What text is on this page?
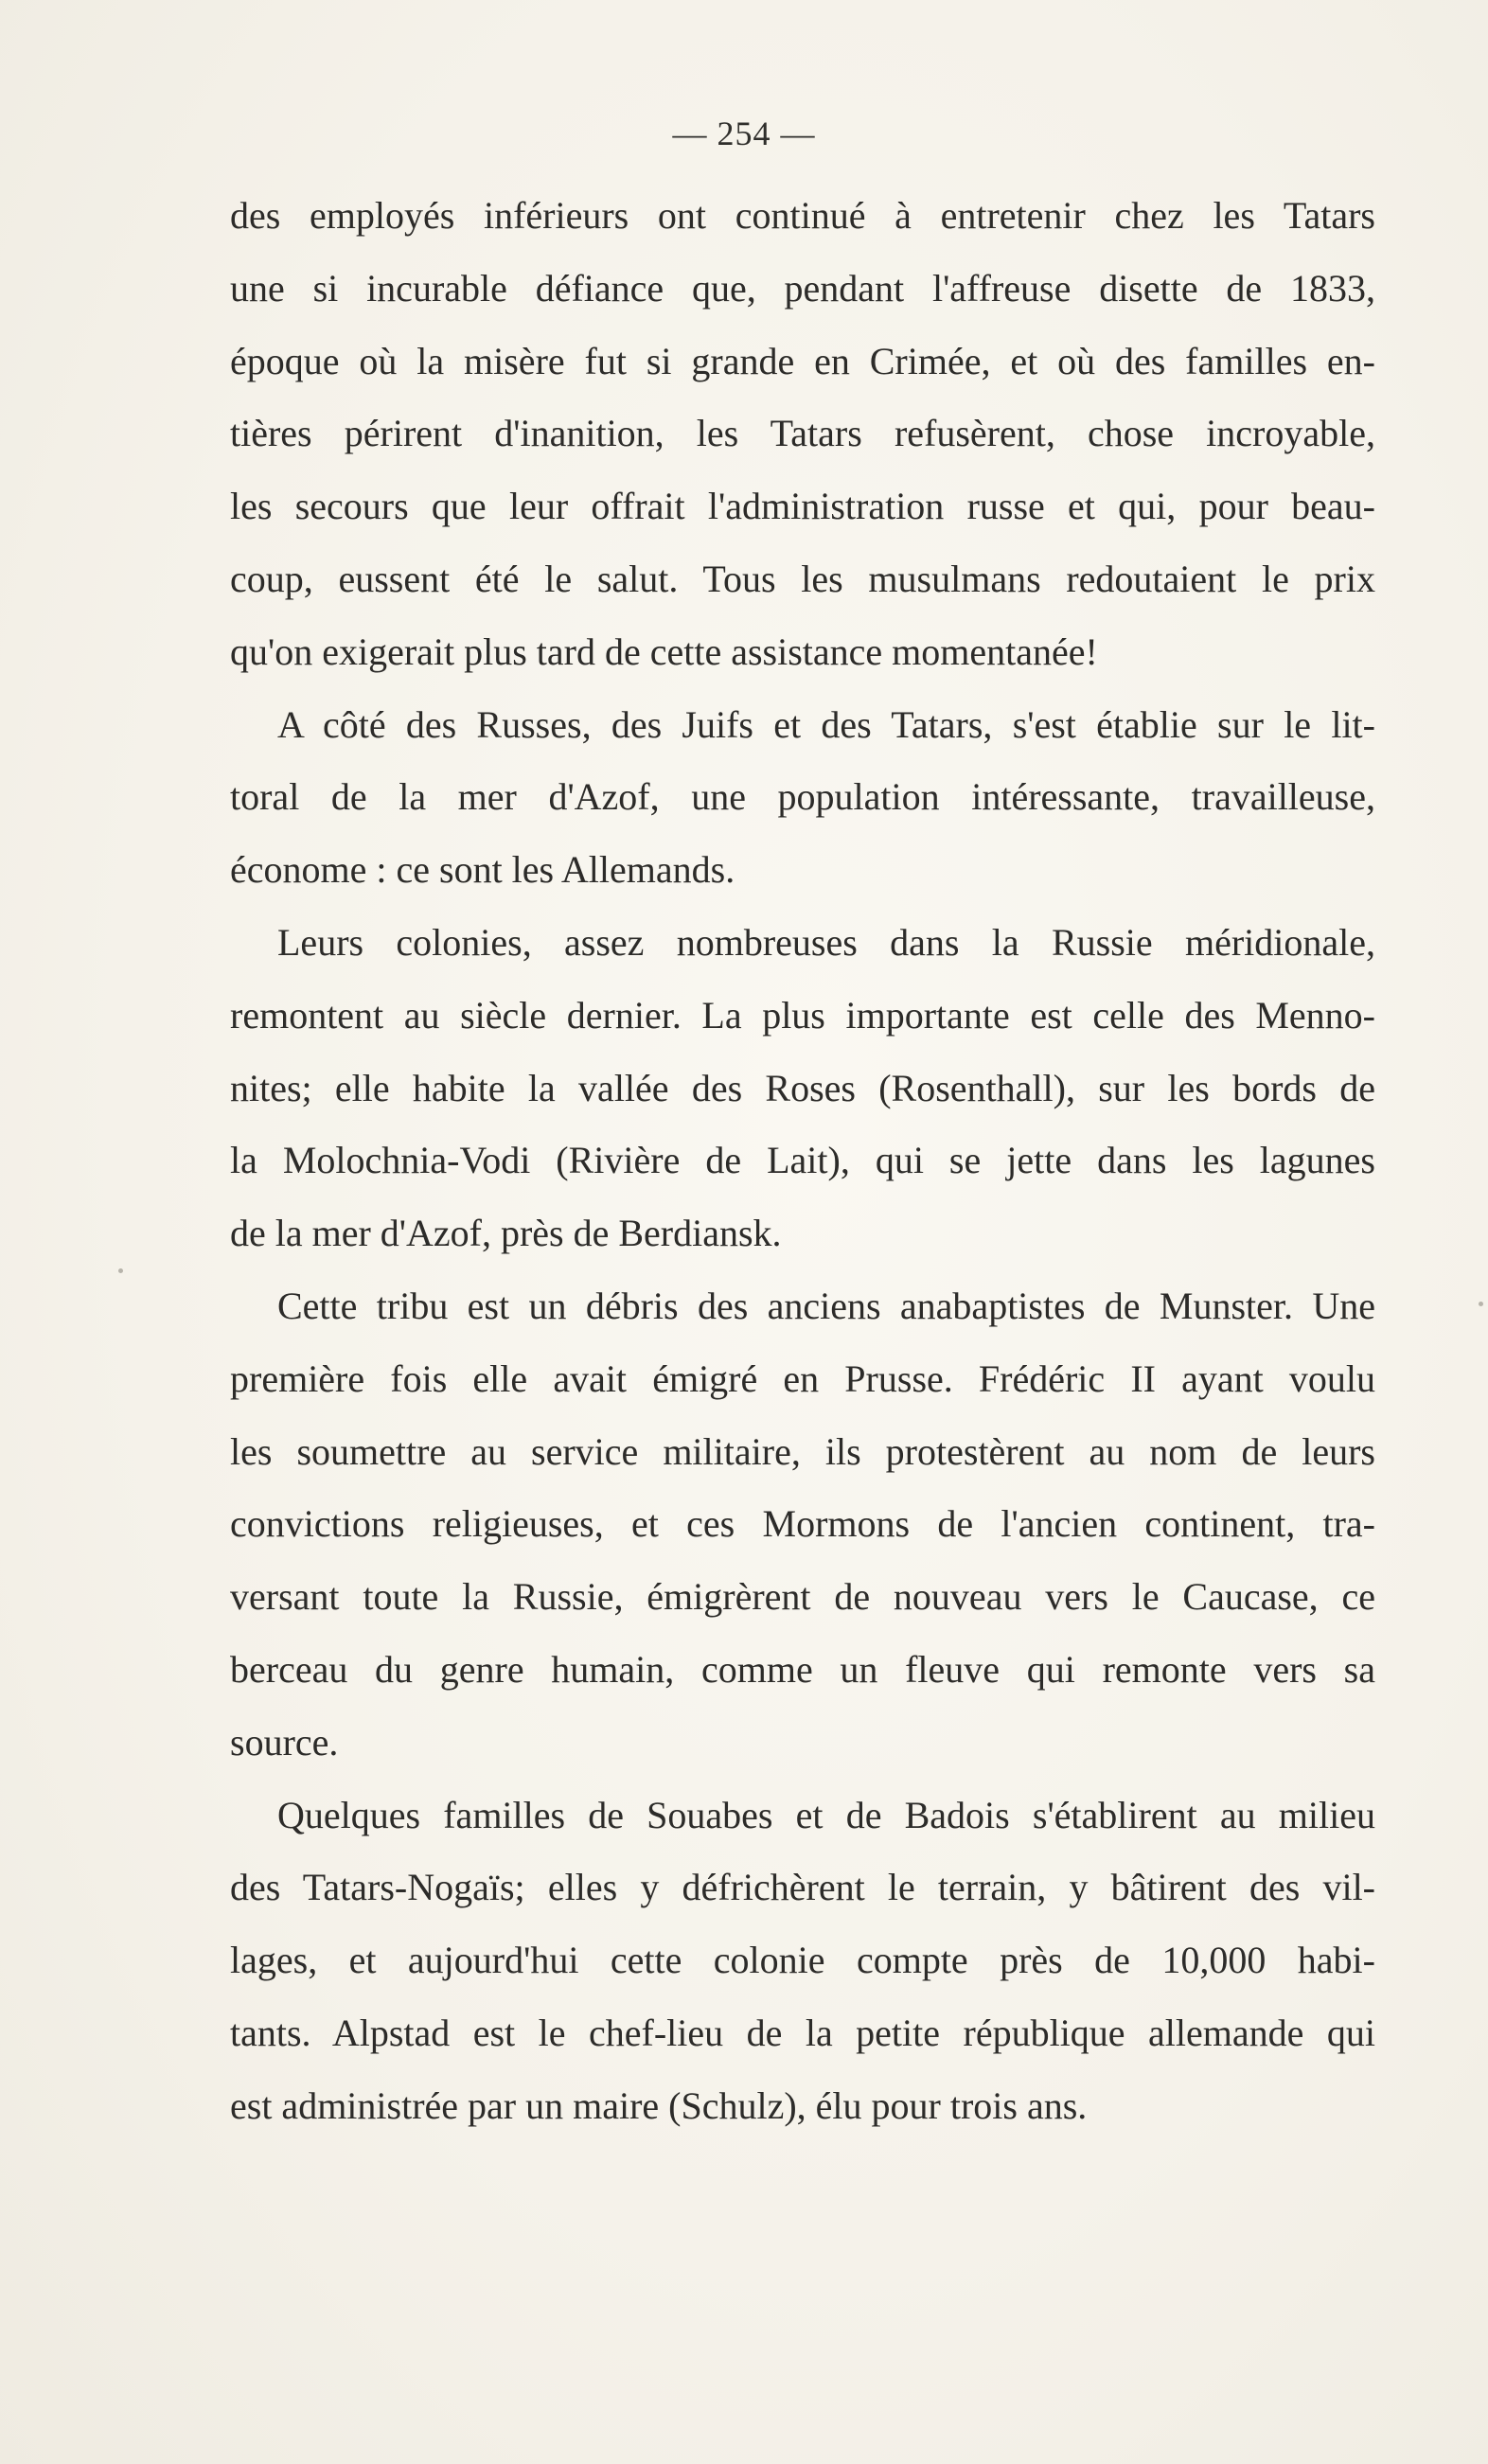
— 254 —

des employés inférieurs ont continué à entretenir chez les Tatars
une si incurable défiance que, pendant l'affreuse disette de 1833,
époque où la misère fut si grande en Crimée, et où des familles en-
tières périrent d'inanition, les Tatars refusèrent, chose incroyable,
les secours que leur offrait l'administration russe et qui, pour beau-
coup, eussent été le salut. Tous les musulmans redoutaient le prix
qu'on exigerait plus tard de cette assistance momentanée!

A côté des Russes, des Juifs et des Tatars, s'est établie sur le lit-
toral de la mer d'Azof, une population intéressante, travailleuse,
économe : ce sont les Allemands.

Leurs colonies, assez nombreuses dans la Russie méridionale,
remontent au siècle dernier. La plus importante est celle des Menno-
nites; elle habite la vallée des Roses (Rosenthall), sur les bords de
la Molochnia-Vodi (Rivière de Lait), qui se jette dans les lagunes
de la mer d'Azof, près de Berdiansk.

Cette tribu est un débris des anciens anabaptistes de Munster. Une
première fois elle avait émigré en Prusse. Frédéric II ayant voulu
les soumettre au service militaire, ils protestèrent au nom de leurs
convictions religieuses, et ces Mormons de l'ancien continent, tra-
versant toute la Russie, émigrèrent de nouveau vers le Caucase, ce
berceau du genre humain, comme un fleuve qui remonte vers sa
source.

Quelques familles de Souabes et de Badois s'établirent au milieu
des Tatars-Nogaïs; elles y défrichèrent le terrain, y bâtirent des vil-
lages, et aujourd'hui cette colonie compte près de 10,000 habi-
tants. Alpstad est le chef-lieu de la petite république allemande qui
est administrée par un maire (Schulz), élu pour trois ans.
